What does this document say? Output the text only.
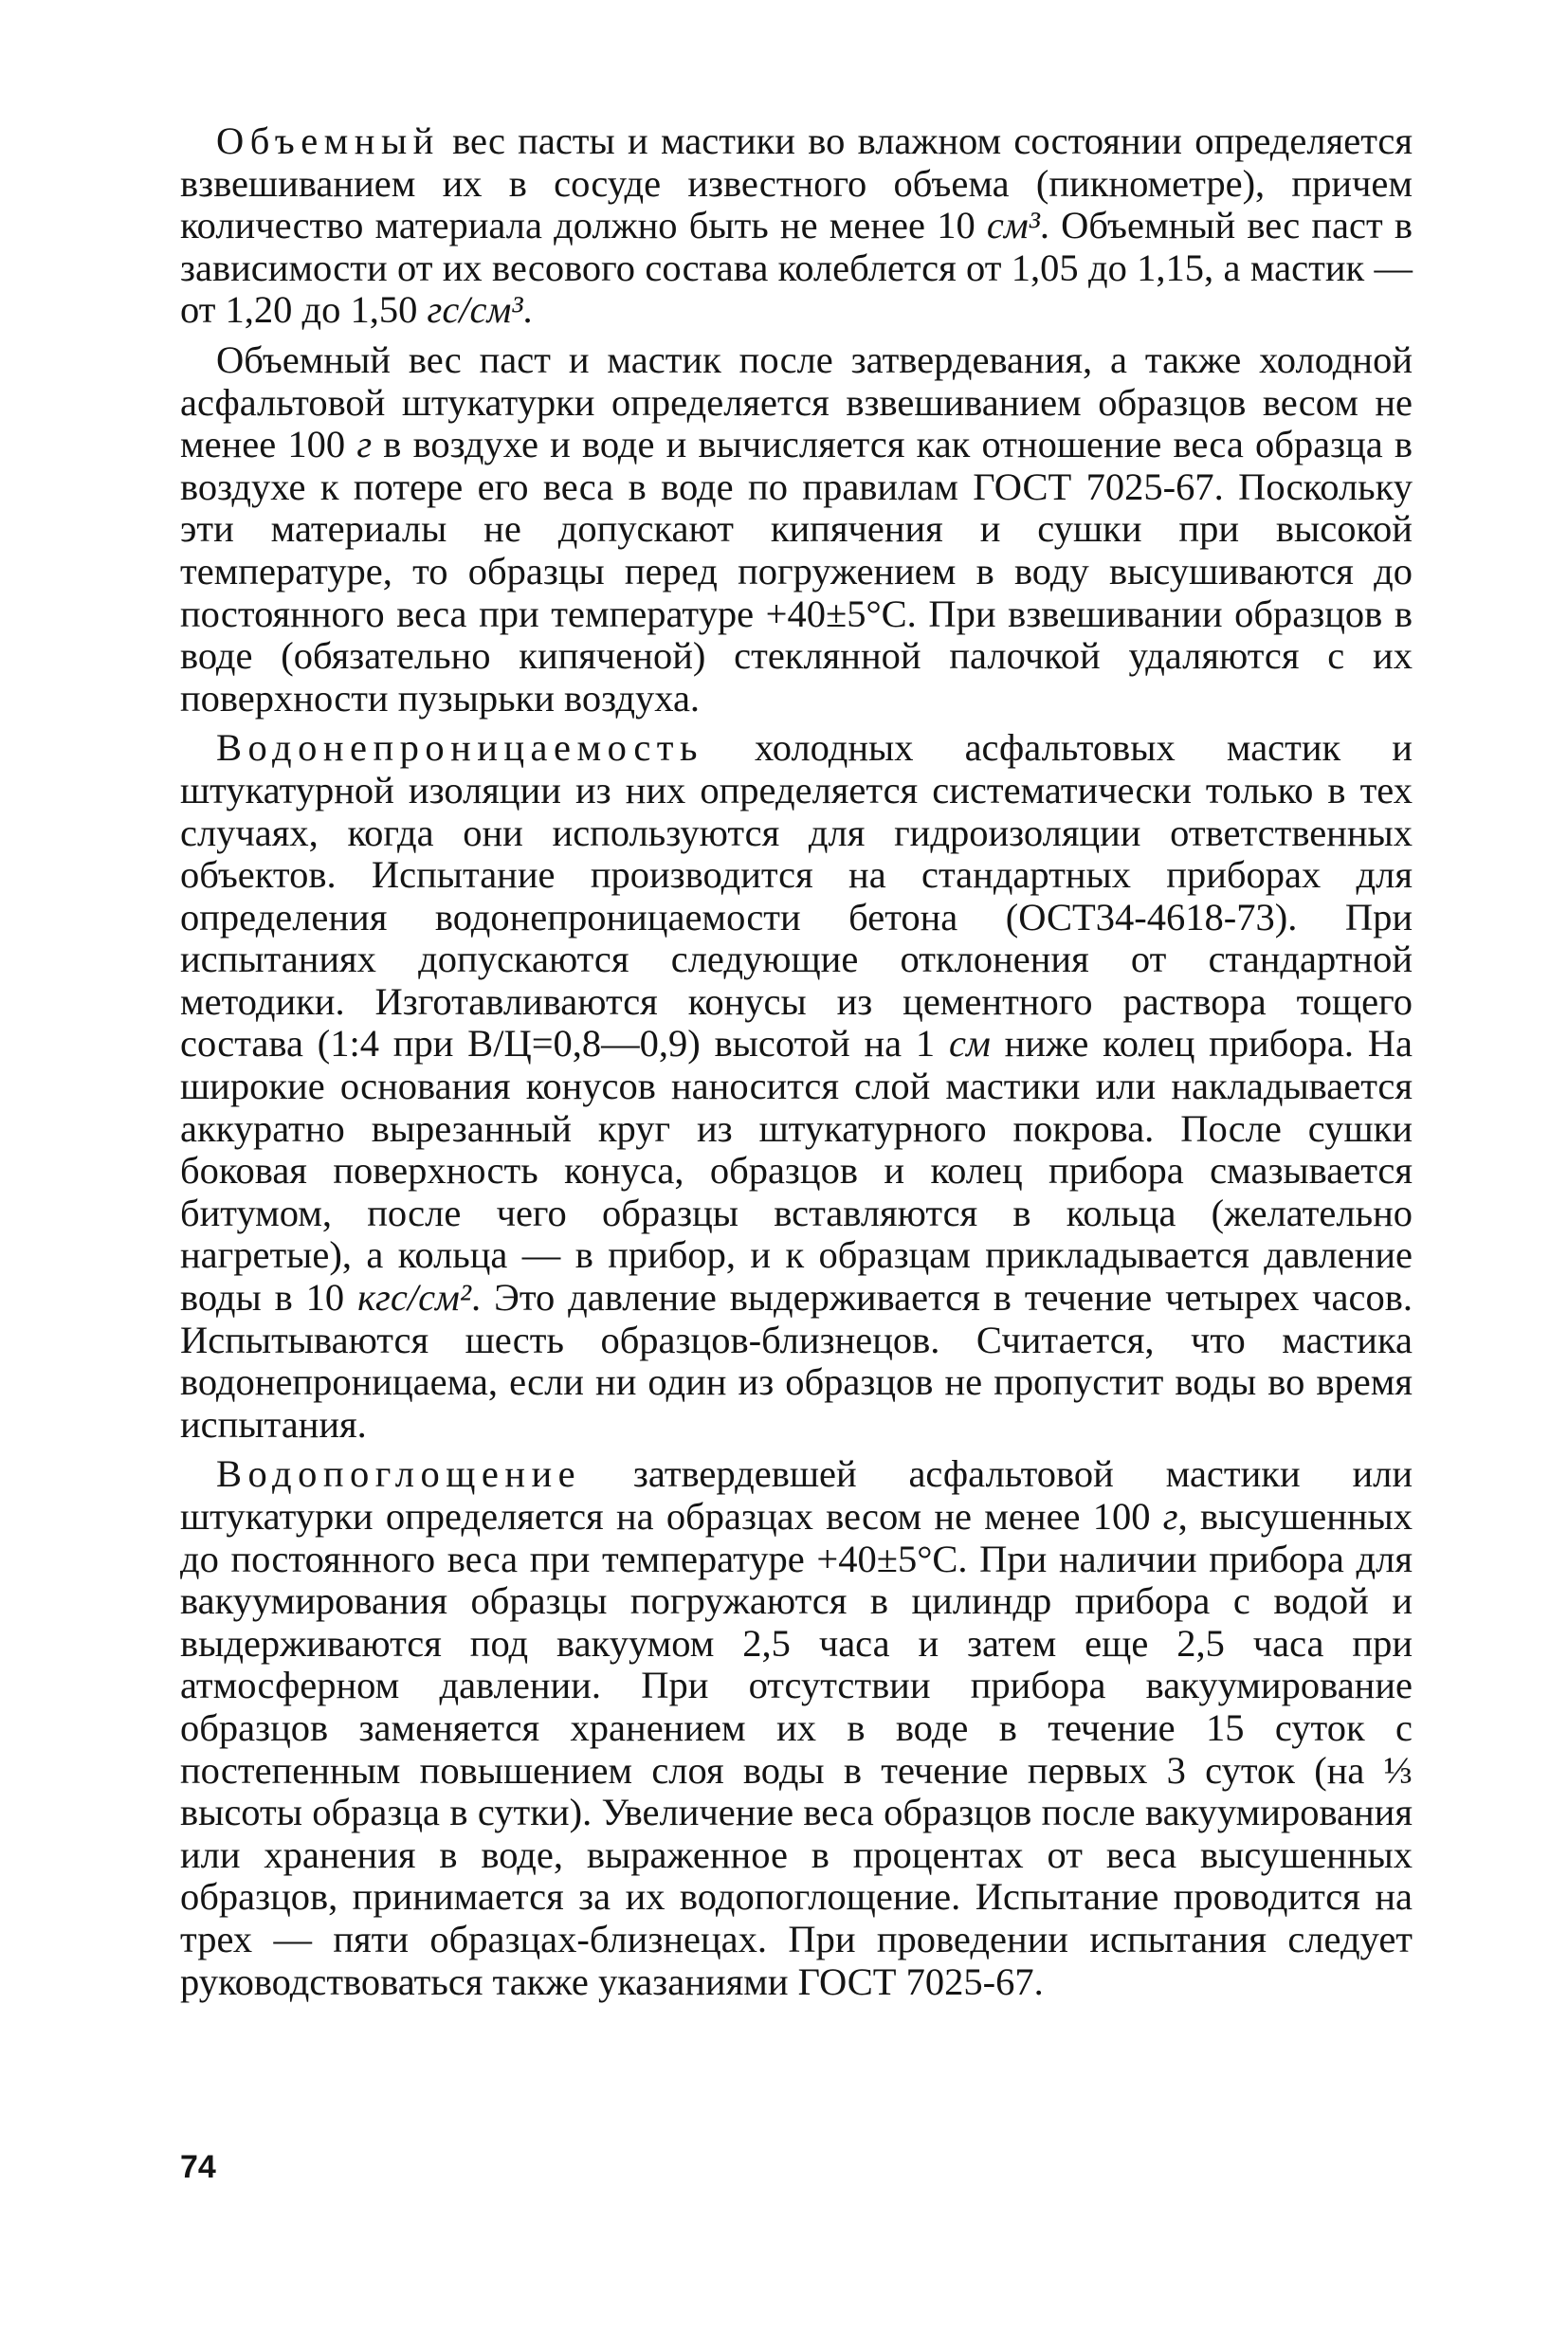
Объемный вес пасты и мастики во влажном состоянии определяется взвешиванием их в сосуде известного объема (пикнометре), причем количество материала должно быть не менее 10 см³. Объемный вес паст в зависимости от их весового состава колеблется от 1,05 до 1,15, а мастик — от 1,20 до 1,50 гс/см³.

Объемный вес паст и мастик после затвердевания, а также холодной асфальтовой штукатурки определяется взвешиванием образцов весом не менее 100 г в воздухе и воде и вычисляется как отношение веса образца в воздухе к потере его веса в воде по правилам ГОСТ 7025-67. Поскольку эти материалы не допускают кипячения и сушки при высокой температуре, то образцы перед погружением в воду высушиваются до постоянного веса при температуре +40±5°С. При взвешивании образцов в воде (обязательно кипяченой) стеклянной палочкой удаляются с их поверхности пузырьки воздуха.

Водонепроницаемость холодных асфальтовых мастик и штукатурной изоляции из них определяется систематически только в тех случаях, когда они используются для гидроизоляции ответственных объектов. Испытание производится на стандартных приборах для определения водонепроницаемости бетона (ОСТ34-4618-73). При испытаниях допускаются следующие отклонения от стандартной методики. Изготавливаются конусы из цементного раствора тощего состава (1:4 при В/Ц=0,8—0,9) высотой на 1 см ниже колец прибора. На широкие основания конусов наносится слой мастики или накладывается аккуратно вырезанный круг из штукатурного покрова. После сушки боковая поверхность конуса, образцов и колец прибора смазывается битумом, после чего образцы вставляются в кольца (желательно нагретые), а кольца — в прибор, и к образцам прикладывается давление воды в 10 кгс/см². Это давление выдерживается в течение четырех часов. Испытываются шесть образцов-близнецов. Считается, что мастика водонепроницаема, если ни один из образцов не пропустит воды во время испытания.

Водопоглощение затвердевшей асфальтовой мастики или штукатурки определяется на образцах весом не менее 100 г, высушенных до постоянного веса при температуре +40±5°С. При наличии прибора для вакуумирования образцы погружаются в цилиндр прибора с водой и выдерживаются под вакуумом 2,5 часа и затем еще 2,5 часа при атмосферном давлении. При отсутствии прибора вакуумирование образцов заменяется хранением их в воде в течение 15 суток с постепенным повышением слоя воды в течение первых 3 суток (на ⅓ высоты образца в сутки). Увеличение веса образцов после вакуумирования или хранения в воде, выраженное в процентах от веса высушенных образцов, принимается за их водопоглощение. Испытание проводится на трех — пяти образцах-близнецах. При проведении испытания следует руководствоваться также указаниями ГОСТ 7025-67.

74
